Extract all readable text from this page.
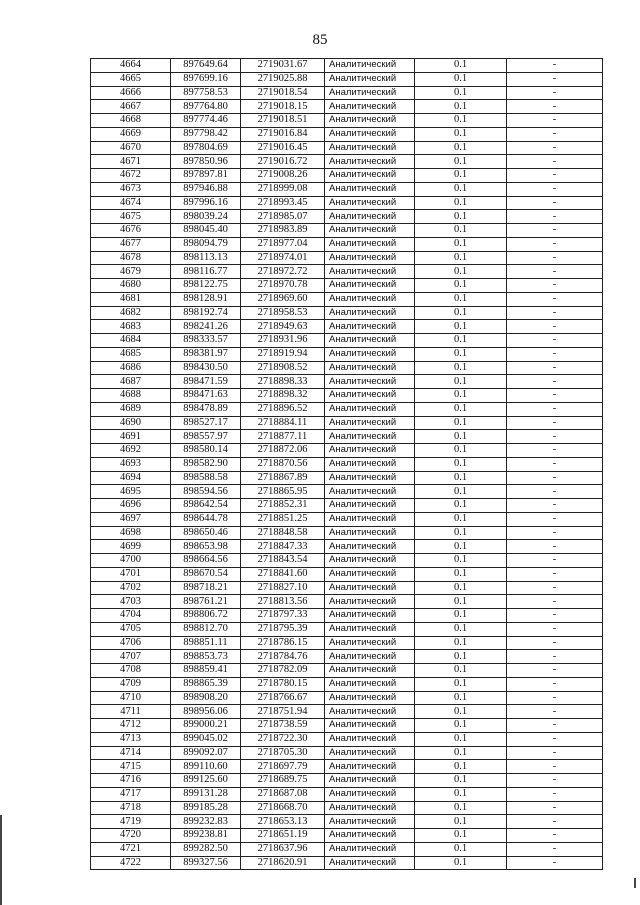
85
4664	897649.64	2719031.67	Аналитический	0.1	-
4665	897699.16	2719025.88	Аналитический	0.1	-
4666	897758.53	2719018.54	Аналитический	0.1	-
4667	897764.80	2719018.15	Аналитический	0.1	-
4668	897774.46	2719018.51	Аналитический	0.1	-
4669	897798.42	2719016.84	Аналитический	0.1	-
4670	897804.69	2719016.45	Аналитический	0.1	-
4671	897850.96	2719016.72	Аналитический	0.1	-
4672	897897.81	2719008.26	Аналитический	0.1	-
4673	897946.88	2718999.08	Аналитический	0.1	-
4674	897996.16	2718993.45	Аналитический	0.1	-
4675	898039.24	2718985.07	Аналитический	0.1	-
4676	898045.40	2718983.89	Аналитический	0.1	-
4677	898094.79	2718977.04	Аналитический	0.1	-
4678	898113.13	2718974.01	Аналитический	0.1	-
4679	898116.77	2718972.72	Аналитический	0.1	-
4680	898122.75	2718970.78	Аналитический	0.1	-
4681	898128.91	2718969.60	Аналитический	0.1	-
4682	898192.74	2718958.53	Аналитический	0.1	-
4683	898241.26	2718949.63	Аналитический	0.1	-
4684	898333.57	2718931.96	Аналитический	0.1	-
4685	898381.97	2718919.94	Аналитический	0.1	-
4686	898430.50	2718908.52	Аналитический	0.1	-
4687	898471.59	2718898.33	Аналитический	0.1	-
4688	898471.63	2718898.32	Аналитический	0.1	-
4689	898478.89	2718896.52	Аналитический	0.1	-
4690	898527.17	2718884.11	Аналитический	0.1	-
4691	898557.97	2718877.11	Аналитический	0.1	-
4692	898580.14	2718872.06	Аналитический	0.1	-
4693	898582.90	2718870.56	Аналитический	0.1	-
4694	898588.58	2718867.89	Аналитический	0.1	-
4695	898594.56	2718865.95	Аналитический	0.1	-
4696	898642.54	2718852.31	Аналитический	0.1	-
4697	898644.78	2718851.25	Аналитический	0.1	-
4698	898650.46	2718848.58	Аналитический	0.1	-
4699	898653.98	2718847.33	Аналитический	0.1	-
4700	898664.56	2718843.54	Аналитический	0.1	-
4701	898670.54	2718841.60	Аналитический	0.1	-
4702	898718.21	2718827.10	Аналитический	0.1	-
4703	898761.21	2718813.56	Аналитический	0.1	-
4704	898806.72	2718797.33	Аналитический	0.1	-
4705	898812.70	2718795.39	Аналитический	0.1	-
4706	898851.11	2718786.15	Аналитический	0.1	-
4707	898853.73	2718784.76	Аналитический	0.1	-
4708	898859.41	2718782.09	Аналитический	0.1	-
4709	898865.39	2718780.15	Аналитический	0.1	-
4710	898908.20	2718766.67	Аналитический	0.1	-
4711	898956.06	2718751.94	Аналитический	0.1	-
4712	899000.21	2718738.59	Аналитический	0.1	-
4713	899045.02	2718722.30	Аналитический	0.1	-
4714	899092.07	2718705.30	Аналитический	0.1	-
4715	899110.60	2718697.79	Аналитический	0.1	-
4716	899125.60	2718689.75	Аналитический	0.1	-
4717	899131.28	2718687.08	Аналитический	0.1	-
4718	899185.28	2718668.70	Аналитический	0.1	-
4719	899232.83	2718653.13	Аналитический	0.1	-
4720	899238.81	2718651.19	Аналитический	0.1	-
4721	899282.50	2718637.96	Аналитический	0.1	-
4722	899327.56	2718620.91	Аналитический	0.1	-
